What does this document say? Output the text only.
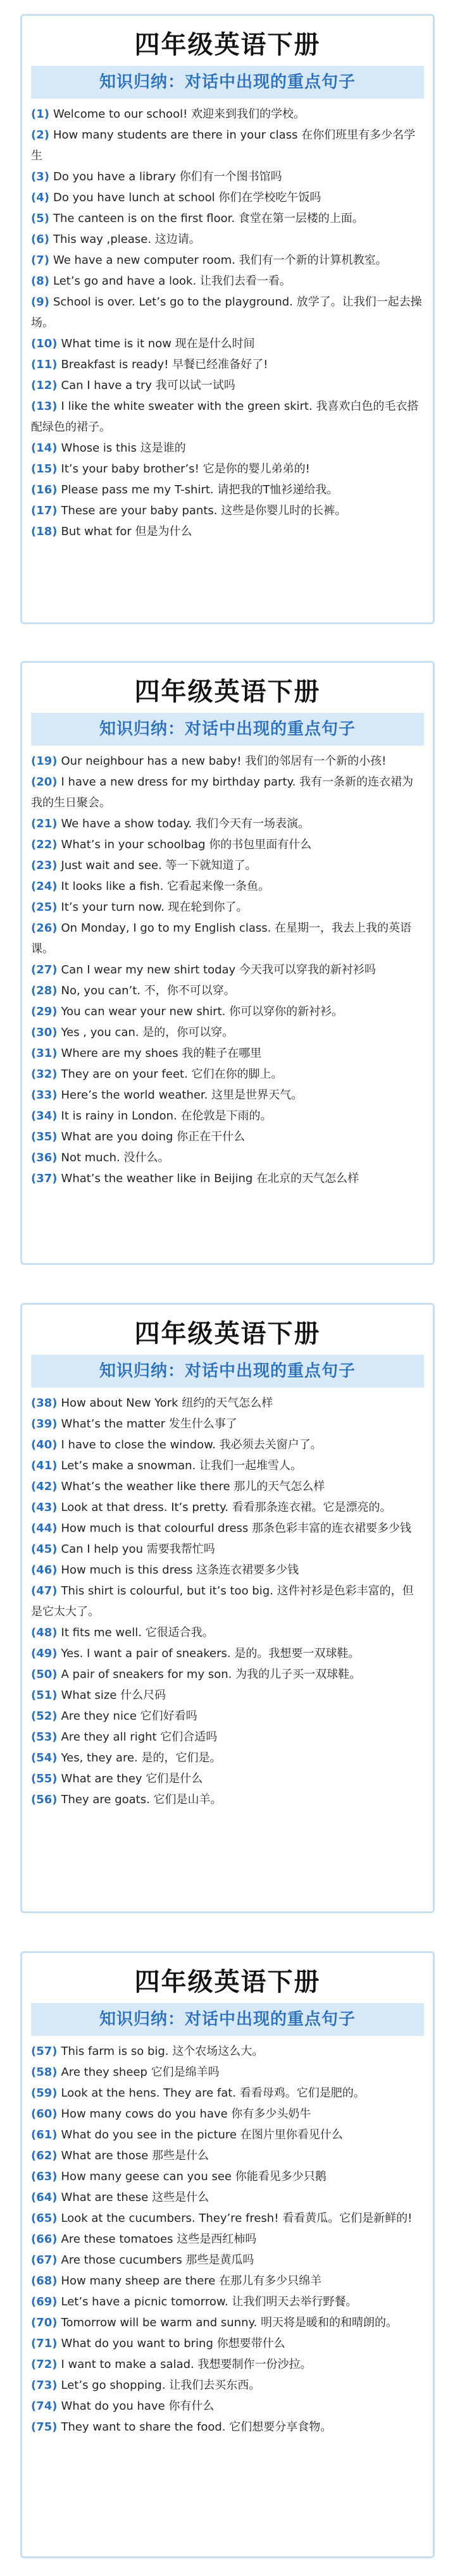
四年级英语下册
知识归纳：对话中出现的重点句子
(1) Welcome to our school! 欢迎来到我们的学校。
(2) How many students are there in your class 在你们班里有多少名学生
(3) Do you have a library 你们有一个图书馆吗
(4) Do you have lunch at school 你们在学校吃午饭吗
(5) The canteen is on the first floor. 食堂在第一层楼的上面。
(6) This way ,please. 这边请。
(7) We have a new computer room. 我们有一个新的计算机教室。
(8) Let’s go and have a look. 让我们去看一看。
(9) School is over. Let’s go to the playground. 放学了。让我们一起去操场。
(10) What time is it now 现在是什么时间
(11) Breakfast is ready! 早餐已经准备好了!
(12) Can I have a try 我可以试一试吗
(13) I like the white sweater with the green skirt. 我喜欢白色的毛衣搭配绿色的裙子。
(14) Whose is this 这是谁的
(15) It’s your baby brother’s! 它是你的婴儿弟弟的!
(16) Please pass me my T-shirt. 请把我的T恤衫递给我。
(17) These are your baby pants. 这些是你婴儿时的长裤。
(18) But what for 但是为什么
四年级英语下册
知识归纳：对话中出现的重点句子
(19) Our neighbour has a new baby! 我们的邻居有一个新的小孩!
(20) I have a new dress for my birthday party. 我有一条新的连衣裙为我的生日聚会。
(21) We have a show today. 我们今天有一场表演。
(22) What’s in your schoolbag 你的书包里面有什么
(23) Just wait and see. 等一下就知道了。
(24) It looks like a fish. 它看起来像一条鱼。
(25) It’s your turn now. 现在轮到你了。
(26) On Monday, I go to my English class. 在星期一，我去上我的英语课。
(27) Can I wear my new shirt today 今天我可以穿我的新衬衫吗
(28) No, you can’t. 不，你不可以穿。
(29) You can wear your new shirt. 你可以穿你的新衬衫。
(30) Yes , you can. 是的，你可以穿。
(31) Where are my shoes 我的鞋子在哪里
(32) They are on your feet. 它们在你的脚上。
(33) Here’s the world weather. 这里是世界天气。
(34) It is rainy in London. 在伦敦是下雨的。
(35) What are you doing 你正在干什么
(36) Not much. 没什么。
(37) What’s the weather like in Beijing 在北京的天气怎么样
四年级英语下册
知识归纳：对话中出现的重点句子
(38) How about New York 纽约的天气怎么样
(39) What’s the matter 发生什么事了
(40) I have to close the window. 我必须去关窗户了。
(41) Let’s make a snowman. 让我们一起堆雪人。
(42) What’s the weather like there 那儿的天气怎么样
(43) Look at that dress. It’s pretty. 看看那条连衣裙。它是漂亮的。
(44) How much is that colourful dress 那条色彩丰富的连衣裙要多少钱
(45) Can I help you 需要我帮忙吗
(46) How much is this dress 这条连衣裙要多少钱
(47) This shirt is colourful, but it’s too big. 这件衬衫是色彩丰富的，但是它太大了。
(48) It fits me well. 它很适合我。
(49) Yes. I want a pair of sneakers. 是的。我想要一双球鞋。
(50) A pair of sneakers for my son. 为我的儿子买一双球鞋。
(51) What size 什么尺码
(52) Are they nice 它们好看吗
(53) Are they all right 它们合适吗
(54) Yes, they are. 是的，它们是。
(55) What are they 它们是什么
(56) They are goats. 它们是山羊。
四年级英语下册
知识归纳：对话中出现的重点句子
(57) This farm is so big. 这个农场这么大。
(58) Are they sheep 它们是绵羊吗
(59) Look at the hens. They are fat. 看看母鸡。它们是肥的。
(60) How many cows do you have 你有多少头奶牛
(61) What do you see in the picture 在图片里你看见什么
(62) What are those 那些是什么
(63) How many geese can you see 你能看见多少只鹅
(64) What are these 这些是什么
(65) Look at the cucumbers. They’re fresh! 看看黄瓜。它们是新鲜的!
(66) Are these tomatoes 这些是西红柿吗
(67) Are those cucumbers 那些是黄瓜吗
(68) How many sheep are there 在那儿有多少只绵羊
(69) Let’s have a picnic tomorrow. 让我们明天去举行野餐。
(70) Tomorrow will be warm and sunny. 明天将是暖和的和晴朗的。
(71) What do you want to bring 你想要带什么
(72) I want to make a salad. 我想要制作一份沙拉。
(73) Let’s go shopping. 让我们去买东西。
(74) What do you have 你有什么
(75) They want to share the food. 它们想要分享食物。
